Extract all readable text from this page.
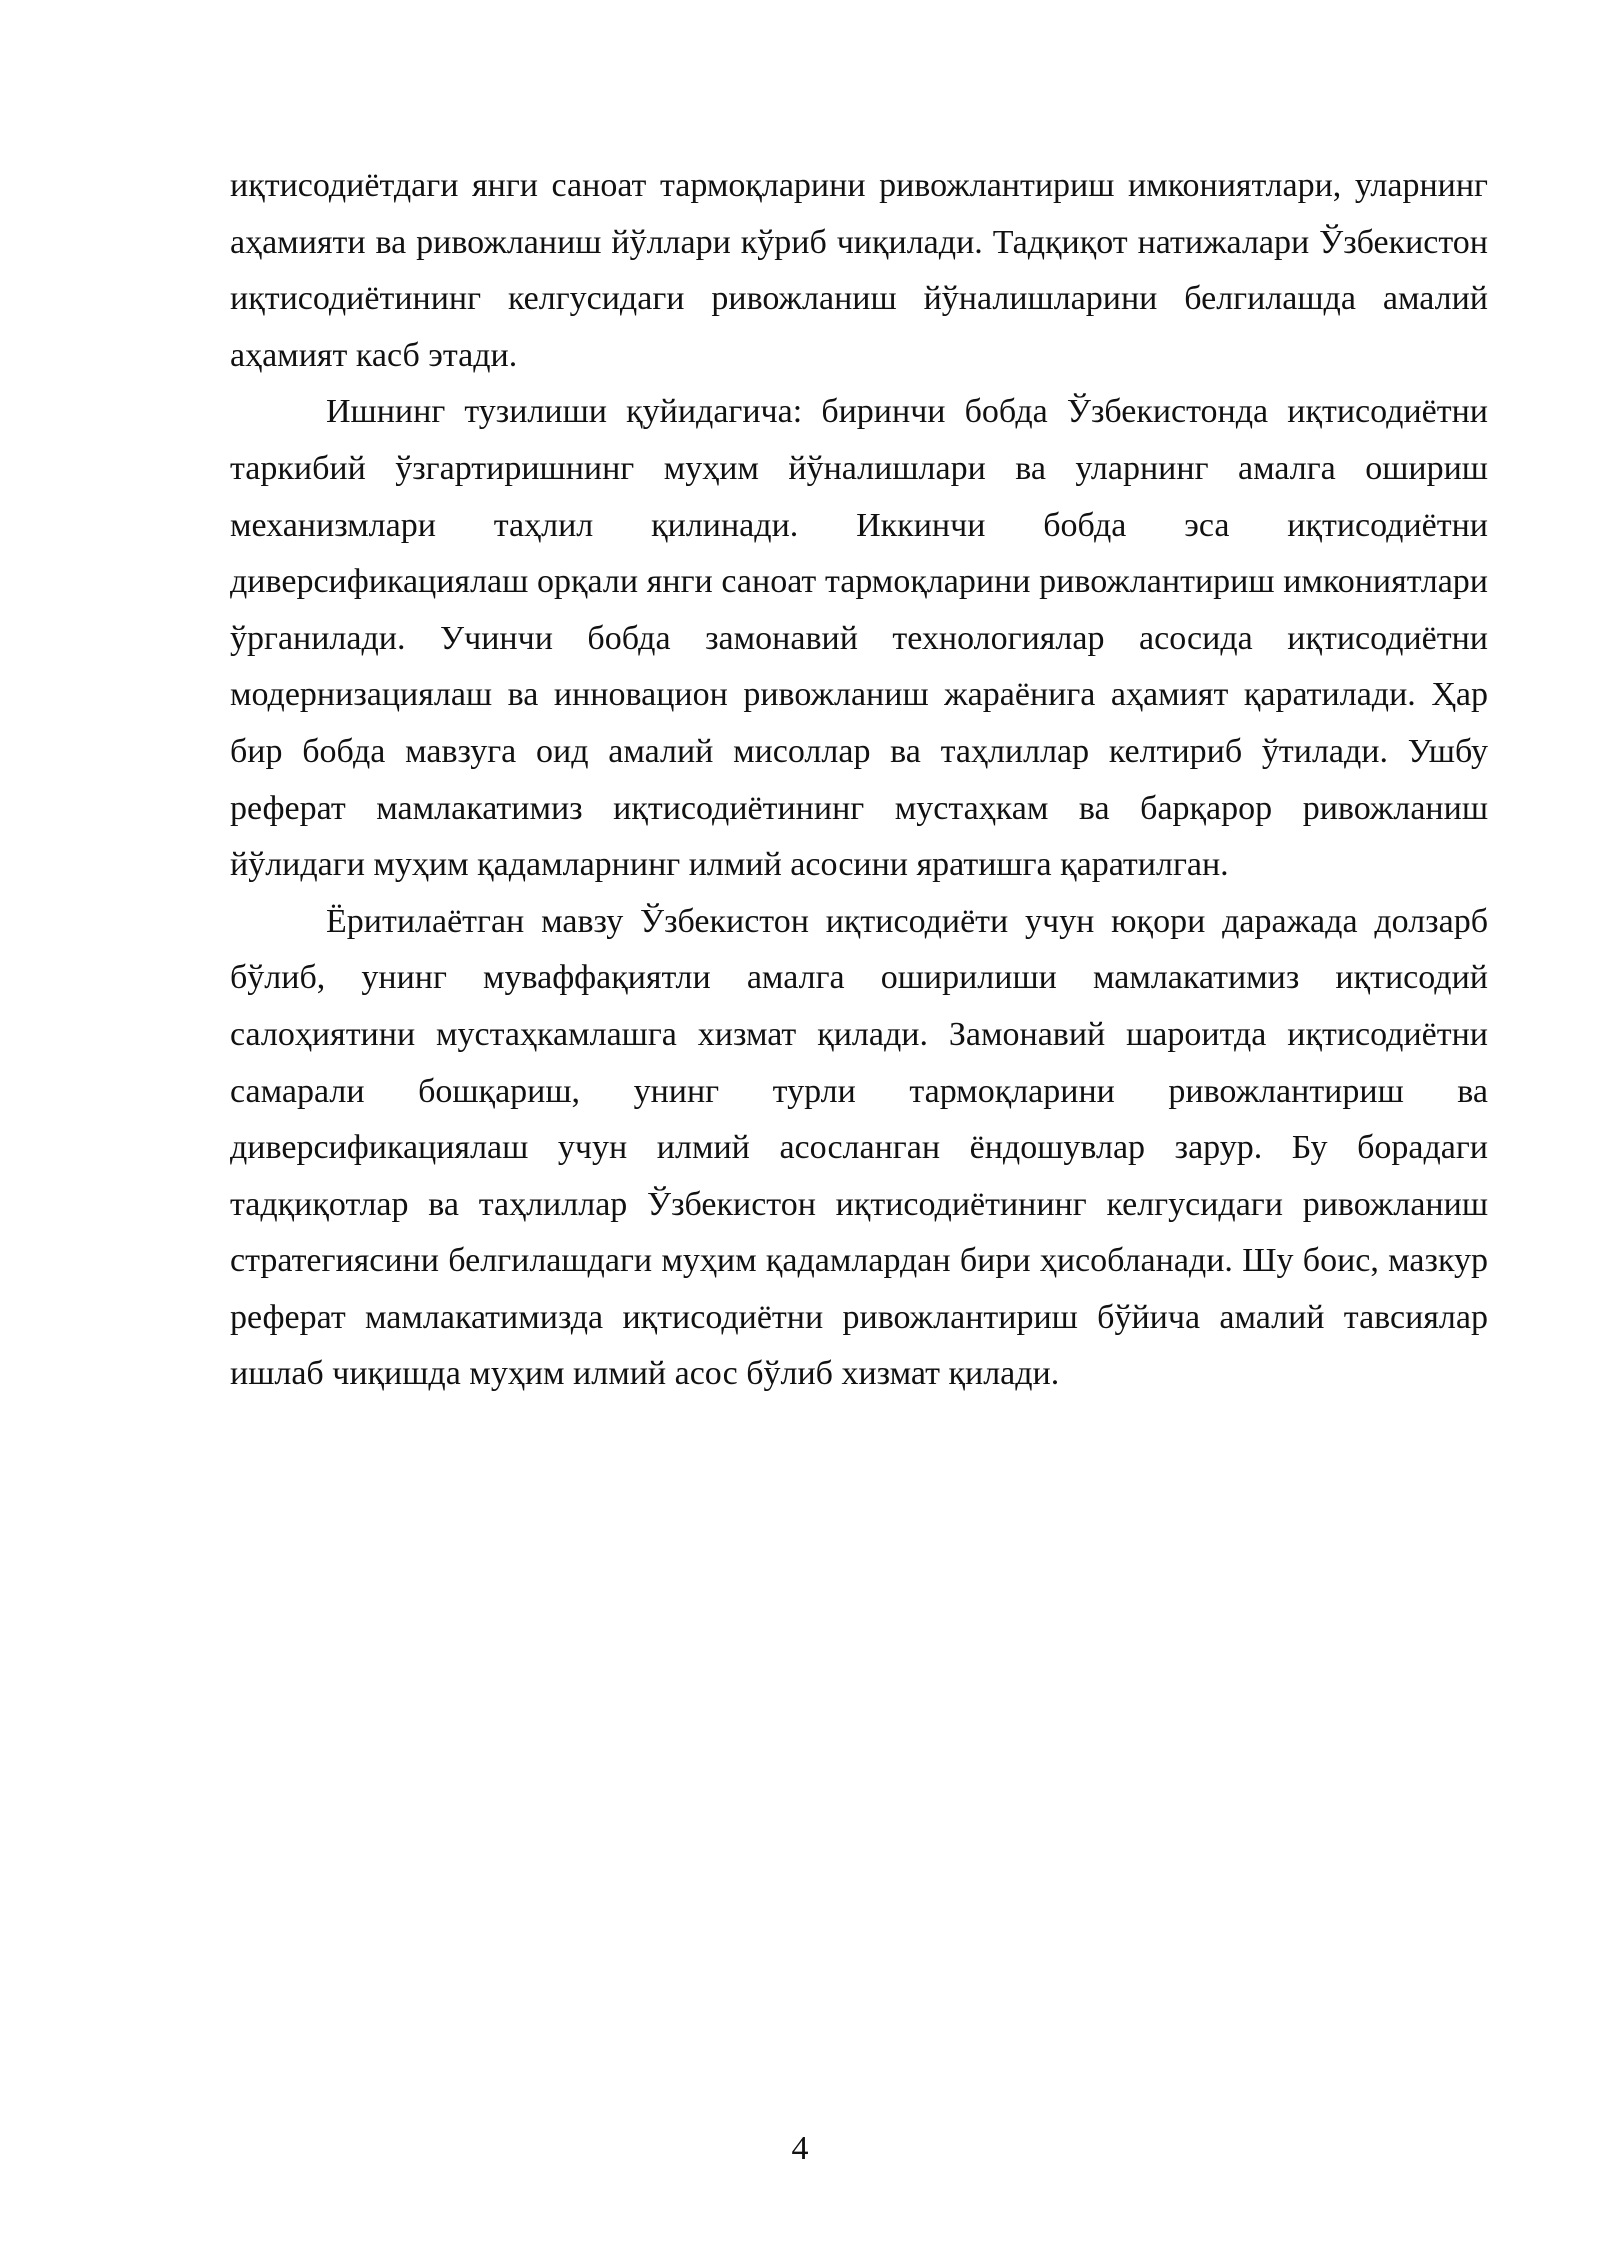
иқтисодиётдаги янги саноат тармоқларини ривожлантириш имкониятлари, уларнинг аҳамияти ва ривожланиш йўллари кўриб чиқилади. Тадқиқот натижалари Ўзбекистон иқтисодиётининг келгусидаги ривожланиш йўналишларини белгилашда амалий аҳамият касб этади.

Ишнинг тузилиши қуйидагича: биринчи бобда Ўзбекистонда иқтисодиётни таркибий ўзгартиришнинг муҳим йўналишлари ва уларнинг амалга ошириш механизмлари таҳлил қилинади. Иккинчи бобда эса иқтисодиётни диверсификациялаш орқали янги саноат тармоқларини ривожлантириш имкониятлари ўрганилади. Учинчи бобда замонавий технологиялар асосида иқтисодиётни модернизациялаш ва инновацион ривожланиш жараёнига аҳамият қаратилади. Ҳар бир бобда мавзуга оид амалий мисоллар ва таҳлиллар келтириб ўтилади. Ушбу реферат мамлакатимиз иқтисодиётининг мустаҳкам ва барқарор ривожланиш йўлидаги муҳим қадамларнинг илмий асосини яратишга қаратилган.

Ёритилаётган мавзу Ўзбекистон иқтисодиёти учун юқори даражада долзарб бўлиб, унинг муваффақиятли амалга оширилиши мамлакатимиз иқтисодий салоҳиятини мустаҳкамлашга хизмат қилади. Замонавий шароитда иқтисодиётни самарали бошқариш, унинг турли тармоқларини ривожлантириш ва диверсификациялаш учун илмий асосланган ёндошувлар зарур. Бу борадаги тадқиқотлар ва таҳлиллар Ўзбекистон иқтисодиётининг келгусидаги ривожланиш стратегиясини белгилашдаги муҳим қадамлардан бири ҳисобланади. Шу боис, мазкур реферат мамлакатимизда иқтисодиётни ривожлантириш бўйича амалий тавсиялар ишлаб чиқишда муҳим илмий асос бўлиб хизмат қилади.

4
